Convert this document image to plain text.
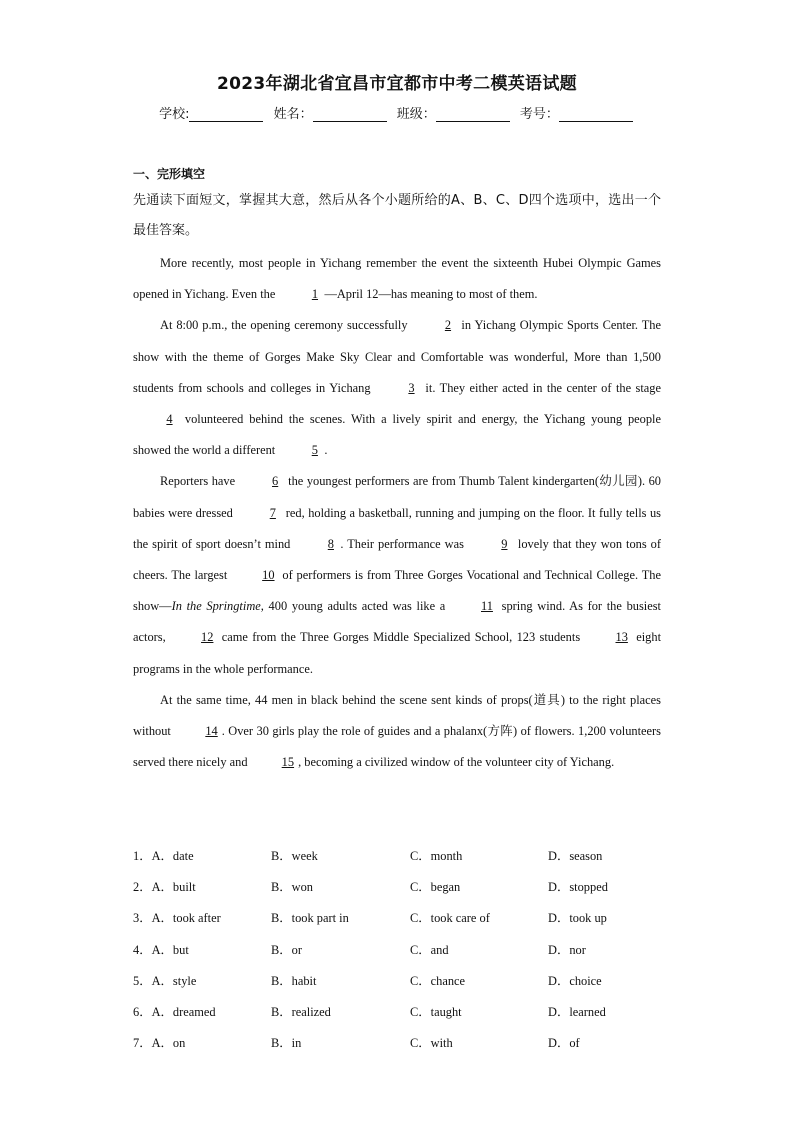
2023年湖北省宜昌市宜都市中考二模英语试题
学校:	姓名：	班级：	考号：
一、完形填空
先通读下面短文，掌握其大意，然后从各个小题所给的A、B、C、D四个选项中，选出一个最佳答案。

More recently, most people in Yichang remember the event the sixteenth Hubei Olympic Games opened in Yichang. Even the	1 —April 12—has meaning to most of them.

At 8:00 p.m., the opening ceremony successfully	2 in Yichang Olympic Sports Center. The show with the theme of Gorges Make Sky Clear and Comfortable was wonderful, More than 1,500 students from schools and colleges in Yichang	3 it. They either acted in the center of the stage 4 volunteered behind the scenes. With a lively spirit and energy, the Yichang young people showed the world a different	5 .

Reporters have	6 the youngest performers are from Thumb Talent kindergarten(幼儿园). 60 babies were dressed	7 red, holding a basketball, running and jumping on the floor. It fully tells us the spirit of sport doesn’t mind	8 . Their performance was	9 lovely that they won tons of cheers. The largest	10 of performers is from Three Gorges Vocational and Technical College. The show—In the Springtime, 400 young adults acted was like a	11 spring wind. As for the busiest actors,	12 came from the Three Gorges Middle Specialized School, 123 students	13 eight programs in the whole performance.

At the same time, 44 men in black behind the scene sent kinds of props(道具) to the right places without	14 . Over 30 girls play the role of guides and a phalanx(方阵) of flowers. 1,200 volunteers served there nicely and	15 , becoming a civilized window of the volunteer city of Yichang.

1．A．date	B．week	C．month	D．season
2．A．built	B．won	C．began	D．stopped
3．A．took after	B．took part in	C．took care of	D．took up
4．A．but	B．or	C．and	D．nor
5．A．style	B．habit	C．chance	D．choice
6．A．dreamed	B．realized	C．taught	D．learned
7．A．on	B．in	C．with	D．of
